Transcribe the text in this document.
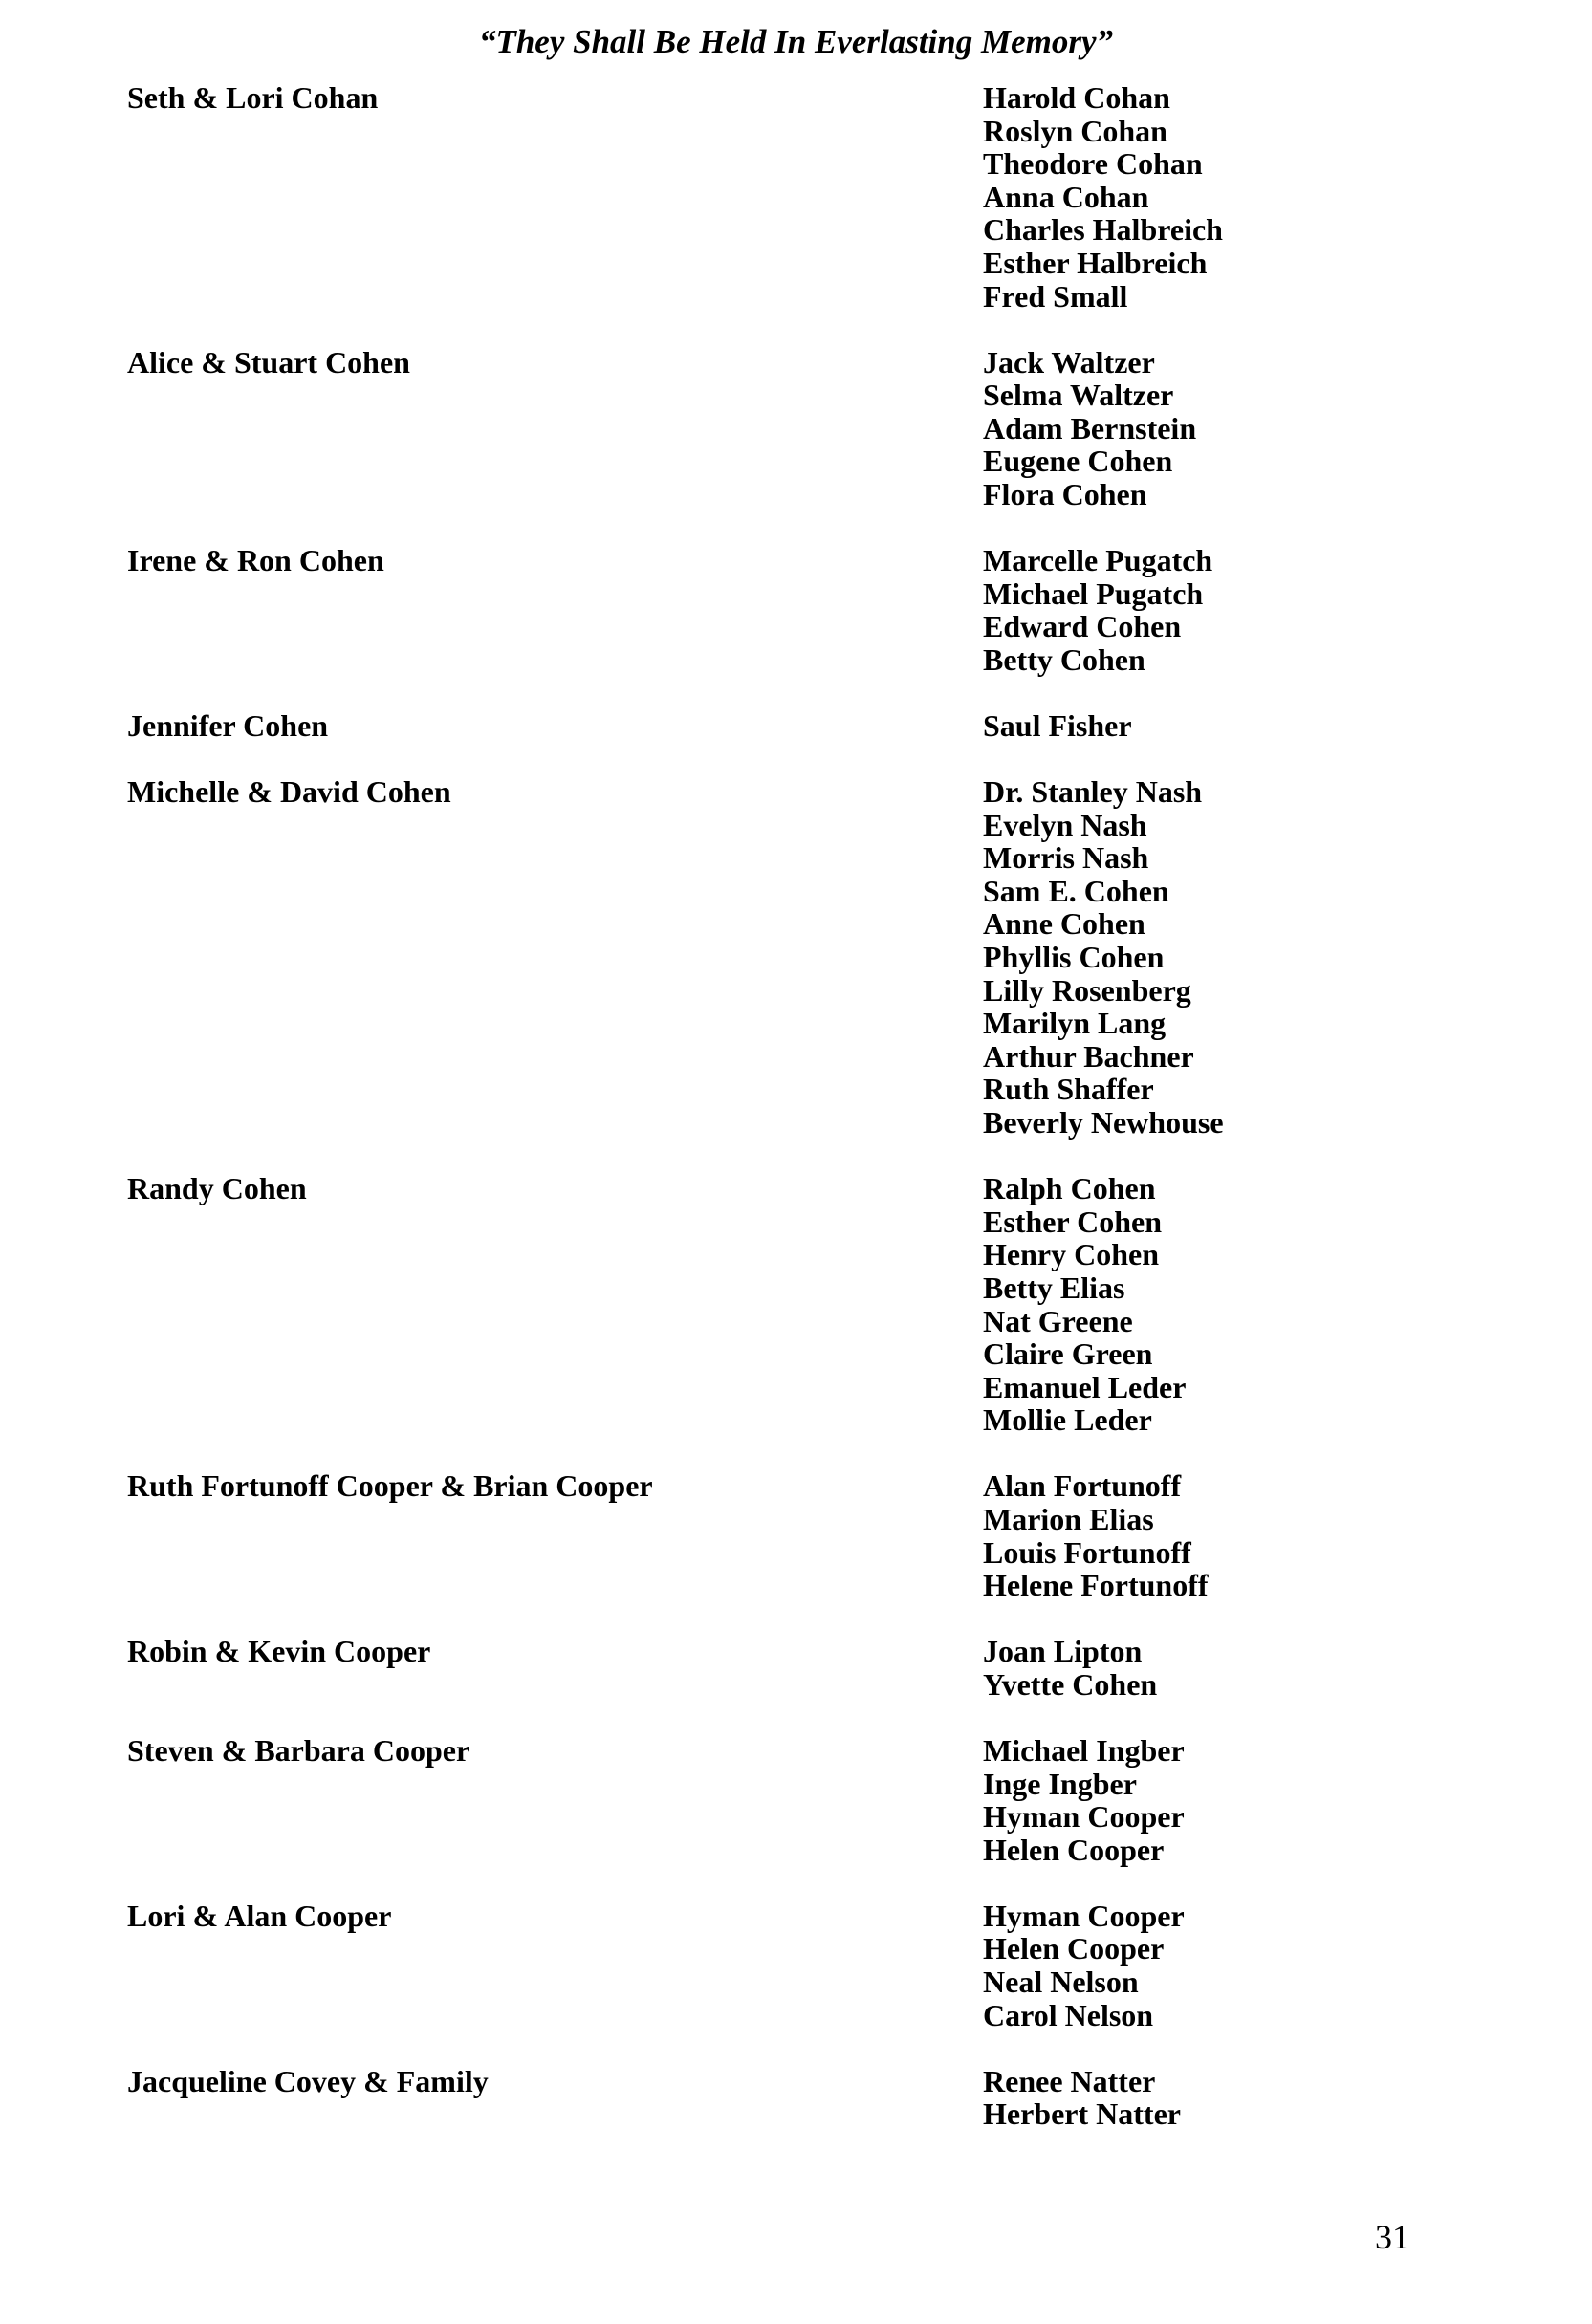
“They Shall Be Held In Everlasting Memory”
Seth & Lori Cohan	Harold Cohan
Roslyn Cohan
Theodore Cohan
Anna Cohan
Charles Halbreich
Esther Halbreich
Fred Small
Alice & Stuart Cohen	Jack Waltzer
Selma Waltzer
Adam Bernstein
Eugene Cohen
Flora Cohen
Irene & Ron Cohen	Marcelle Pugatch
Michael Pugatch
Edward Cohen
Betty Cohen
Jennifer Cohen	Saul Fisher
Michelle & David Cohen	Dr. Stanley Nash
Evelyn Nash
Morris Nash
Sam E. Cohen
Anne Cohen
Phyllis Cohen
Lilly Rosenberg
Marilyn Lang
Arthur Bachner
Ruth Shaffer
Beverly Newhouse
Randy Cohen	Ralph Cohen
Esther Cohen
Henry Cohen
Betty Elias
Nat Greene
Claire Green
Emanuel Leder
Mollie Leder
Ruth Fortunoff Cooper & Brian Cooper	Alan Fortunoff
Marion Elias
Louis Fortunoff
Helene Fortunoff
Robin & Kevin Cooper	Joan Lipton
Yvette Cohen
Steven & Barbara Cooper	Michael Ingber
Inge Ingber
Hyman Cooper
Helen Cooper
Lori & Alan Cooper	Hyman Cooper
Helen Cooper
Neal Nelson
Carol Nelson
Jacqueline Covey & Family	Renee Natter
Herbert Natter
31
